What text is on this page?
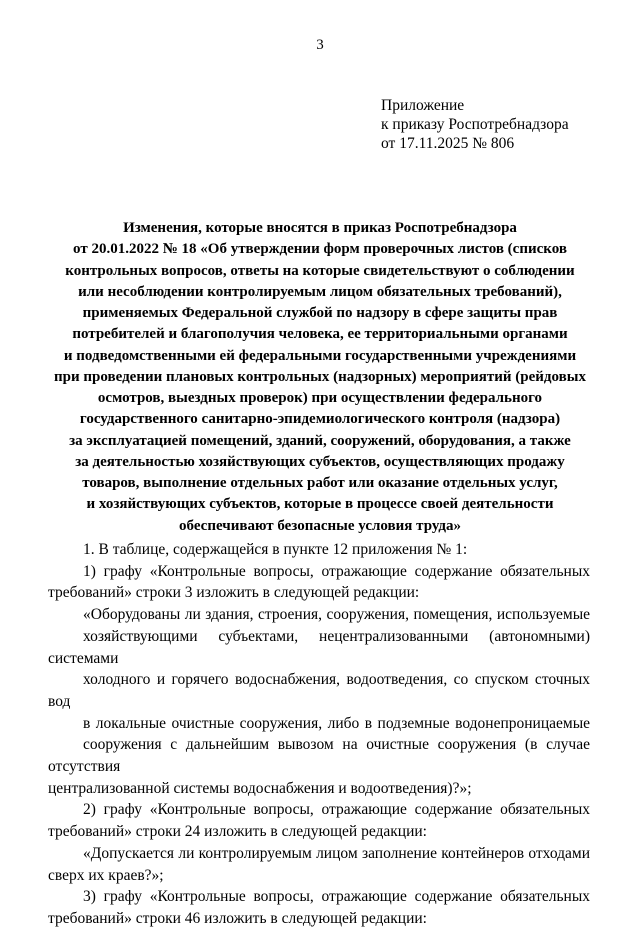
3
Приложение
к приказу Роспотребнадзора
от 17.11.2025 № 806
Изменения, которые вносятся в приказ Роспотребнадзора
от 20.01.2022 № 18 «Об утверждении форм проверочных листов (списков
контрольных вопросов, ответы на которые свидетельствуют о соблюдении
или несоблюдении контролируемым лицом обязательных требований),
применяемых Федеральной службой по надзору в сфере защиты прав
потребителей и благополучия человека, ее территориальными органами
и подведомственными ей федеральными государственными учреждениями
при проведении плановых контрольных (надзорных) мероприятий (рейдовых
осмотров, выездных проверок) при осуществлении федерального
государственного санитарно-эпидемиологического контроля (надзора)
за эксплуатацией помещений, зданий, сооружений, оборудования, а также
за деятельностью хозяйствующих субъектов, осуществляющих продажу
товаров, выполнение отдельных работ или оказание отдельных услуг,
и хозяйствующих субъектов, которые в процессе своей деятельности
обеспечивают безопасные условия труда»
1. В таблице, содержащейся в пункте 12 приложения № 1:
1) графу «Контрольные вопросы, отражающие содержание обязательных
требований» строки 3 изложить в следующей редакции:
«Оборудованы ли здания, строения, сооружения, помещения, используемые
хозяйствующими субъектами, нецентрализованными (автономными) системами
холодного и горячего водоснабжения, водоотведения, со спуском сточных вод
в локальные очистные сооружения, либо в подземные водонепроницаемые
сооружения с дальнейшим вывозом на очистные сооружения (в случае отсутствия
централизованной системы водоснабжения и водоотведения)?»;
2) графу «Контрольные вопросы, отражающие содержание обязательных
требований» строки 24 изложить в следующей редакции:
«Допускается ли контролируемым лицом заполнение контейнеров отходами
сверх их краев?»;
3) графу «Контрольные вопросы, отражающие содержание обязательных
требований» строки 46 изложить в следующей редакции:
